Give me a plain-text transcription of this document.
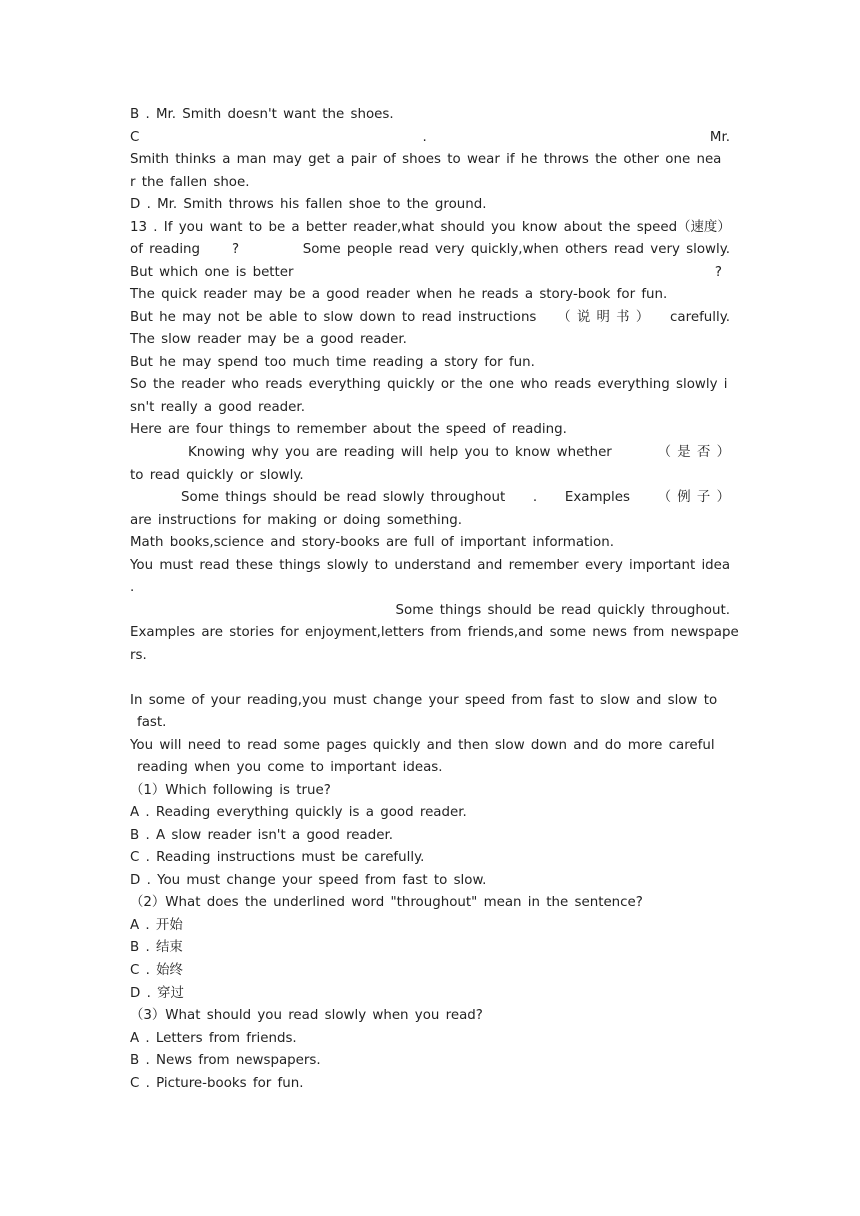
B . Mr. Smith doesn't want the shoes.
C	.	Mr.
Smith thinks a man may get a pair of shoes to wear if he throws the other one nea
r the fallen shoe.
D . Mr. Smith throws his fallen shoe to the ground.
13 . If you want to be a better reader,what should you know about the speed（速度）
of reading ?	Some people read very quickly,when others read very slowly.
But which one is better	?
The quick reader may be a good reader when he reads a story-book for fun.
But he may not be able to slow down to read instructions （ 说 明 书 ） carefully.
The slow reader may be a good reader.
But he may spend too much time reading a story for fun.
So the reader who reads everything quickly or the one who reads everything slowly i
sn't really a good reader.
Here are four things to remember about the speed of reading.
Knowing why you are reading will help you to know whether	（ 是 否 ）
to read quickly or slowly.
Some things should be read slowly throughout . Examples （ 例 子 ）
are instructions for making or doing something.
Math books,science and story-books are full of important information.
You must read these things slowly to understand and remember every important idea
.
Some things should be read quickly throughout.
Examples are stories for enjoyment,letters from friends,and some news from newspape
rs.
In some of your reading,you must change your speed from fast to slow and slow to
fast.
You will need to read some pages quickly and then slow down and do more careful
reading when you come to important ideas.
（1）Which following is true?
A . Reading everything quickly is a good reader.
B . A slow reader isn't a good reader.
C . Reading instructions must be carefully.
D . You must change your speed from fast to slow.
（2）What does the underlined word "throughout" mean in the sentence?
A . 开始
B . 结束
C . 始终
D . 穿过
（3）What should you read slowly when you read?
A . Letters from friends.
B . News from newspapers.
C . Picture-books for fun.
